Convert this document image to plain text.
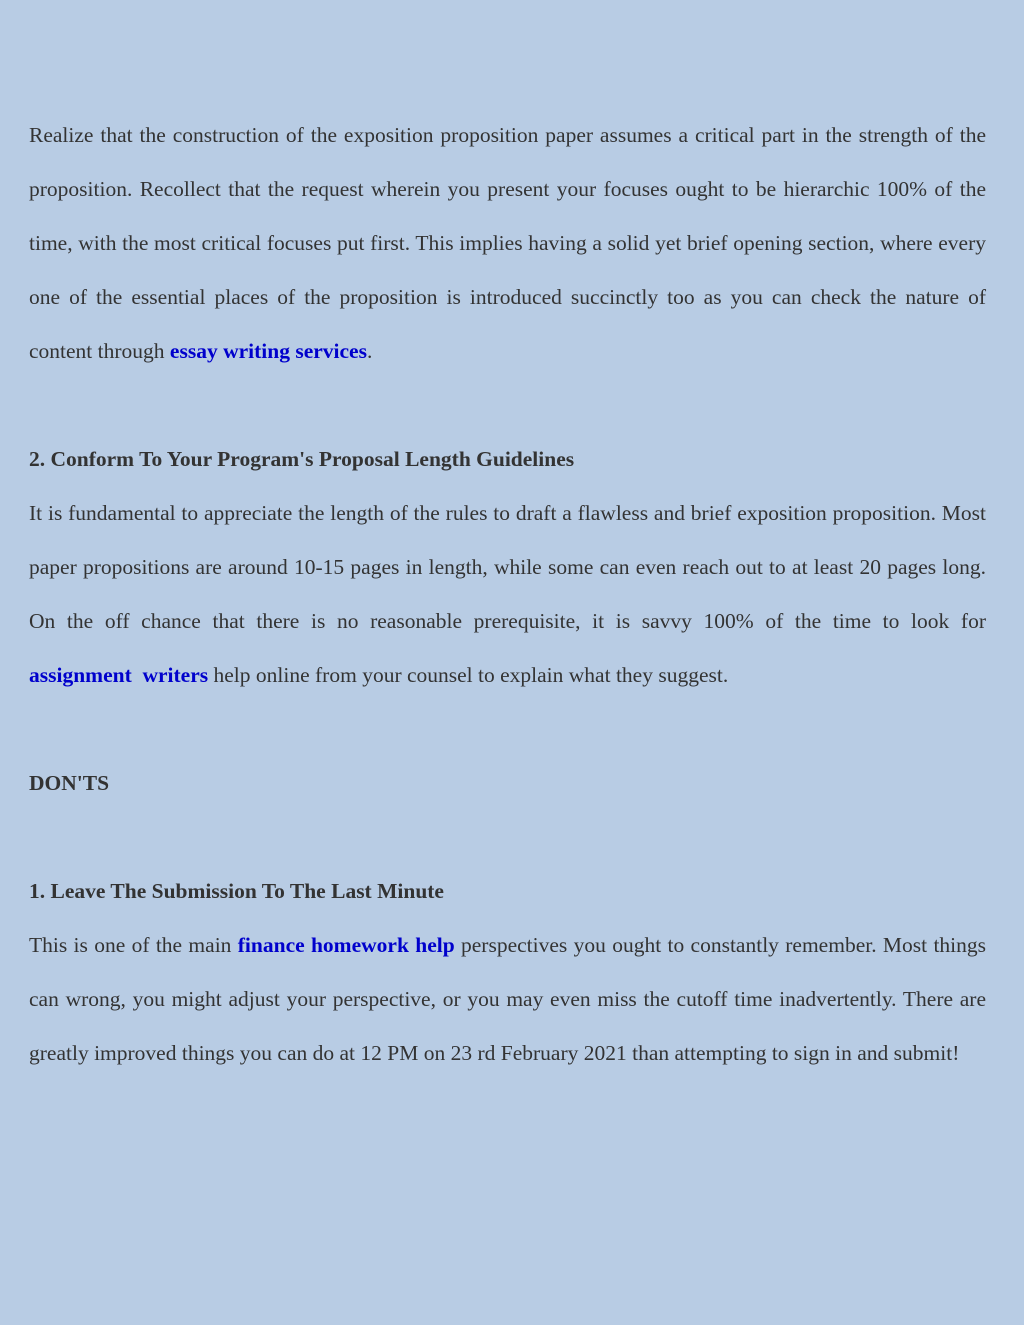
Realize that the construction of the exposition proposition paper assumes a critical part in the strength of the proposition. Recollect that the request wherein you present your focuses ought to be hierarchic 100% of the time, with the most critical focuses put first. This implies having a solid yet brief opening section, where every one of the essential places of the proposition is introduced succinctly too as you can check the nature of content through essay writing services.

2. Conform To Your Program's Proposal Length Guidelines

It is fundamental to appreciate the length of the rules to draft a flawless and brief exposition proposition. Most paper propositions are around 10-15 pages in length, while some can even reach out to at least 20 pages long. On the off chance that there is no reasonable prerequisite, it is savvy 100% of the time to look for assignment  writers help online from your counsel to explain what they suggest.

DON'TS
1. Leave The Submission To The Last Minute

This is one of the main finance homework help perspectives you ought to constantly remember. Most things can wrong, you might adjust your perspective, or you may even miss the cutoff time inadvertently. There are greatly improved things you can do at 12 PM on 23 rd February 2021 than attempting to sign in and submit!
